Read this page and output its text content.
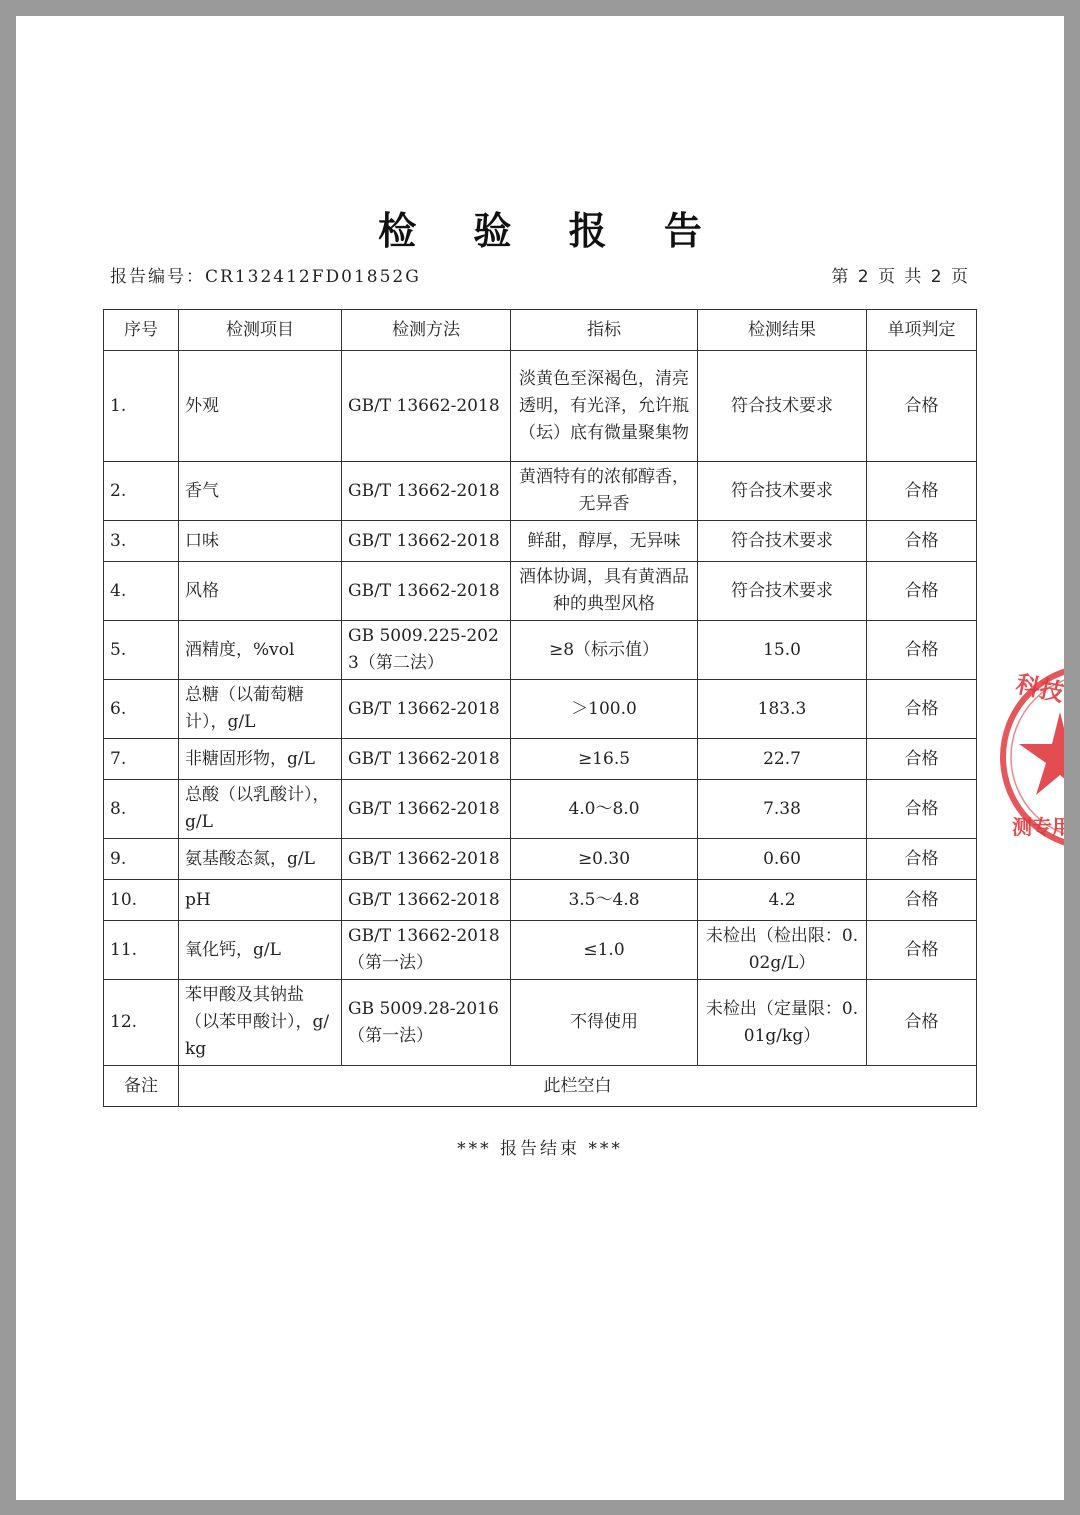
检 验 报 告
报告编号：CR132412FD01852G	第 2 页 共 2 页
序号	检测项目	检测方法	指标	检测结果	单项判定
1.	外观	GB/T 13662-2018	淡黄色至深褐色，清亮透明，有光泽，允许瓶（坛）底有微量聚集物	符合技术要求	合格
2.	香气	GB/T 13662-2018	黄酒特有的浓郁醇香，无异香	符合技术要求	合格
3.	口味	GB/T 13662-2018	鲜甜，醇厚，无异味	符合技术要求	合格
4.	风格	GB/T 13662-2018	酒体协调，具有黄酒品种的典型风格	符合技术要求	合格
5.	酒精度，%vol	GB 5009.225-2023（第二法）	≥8（标示值）	15.0	合格
6.	总糖（以葡萄糖计），g/L	GB/T 13662-2018	＞100.0	183.3	合格
7.	非糖固形物，g/L	GB/T 13662-2018	≥16.5	22.7	合格
8.	总酸（以乳酸计），g/L	GB/T 13662-2018	4.0～8.0	7.38	合格
9.	氨基酸态氮，g/L	GB/T 13662-2018	≥0.30	0.60	合格
10.	pH	GB/T 13662-2018	3.5～4.8	4.2	合格
11.	氧化钙，g/L	GB/T 13662-2018（第一法）	≤1.0	未检出（检出限：0.02g/L）	合格
12.	苯甲酸及其钠盐（以苯甲酸计），g/kg	GB 5009.28-2016（第一法）	不得使用	未检出（定量限：0.01g/kg）	合格
备注	此栏空白				
*** 报告结束 ***
科技
测专用
